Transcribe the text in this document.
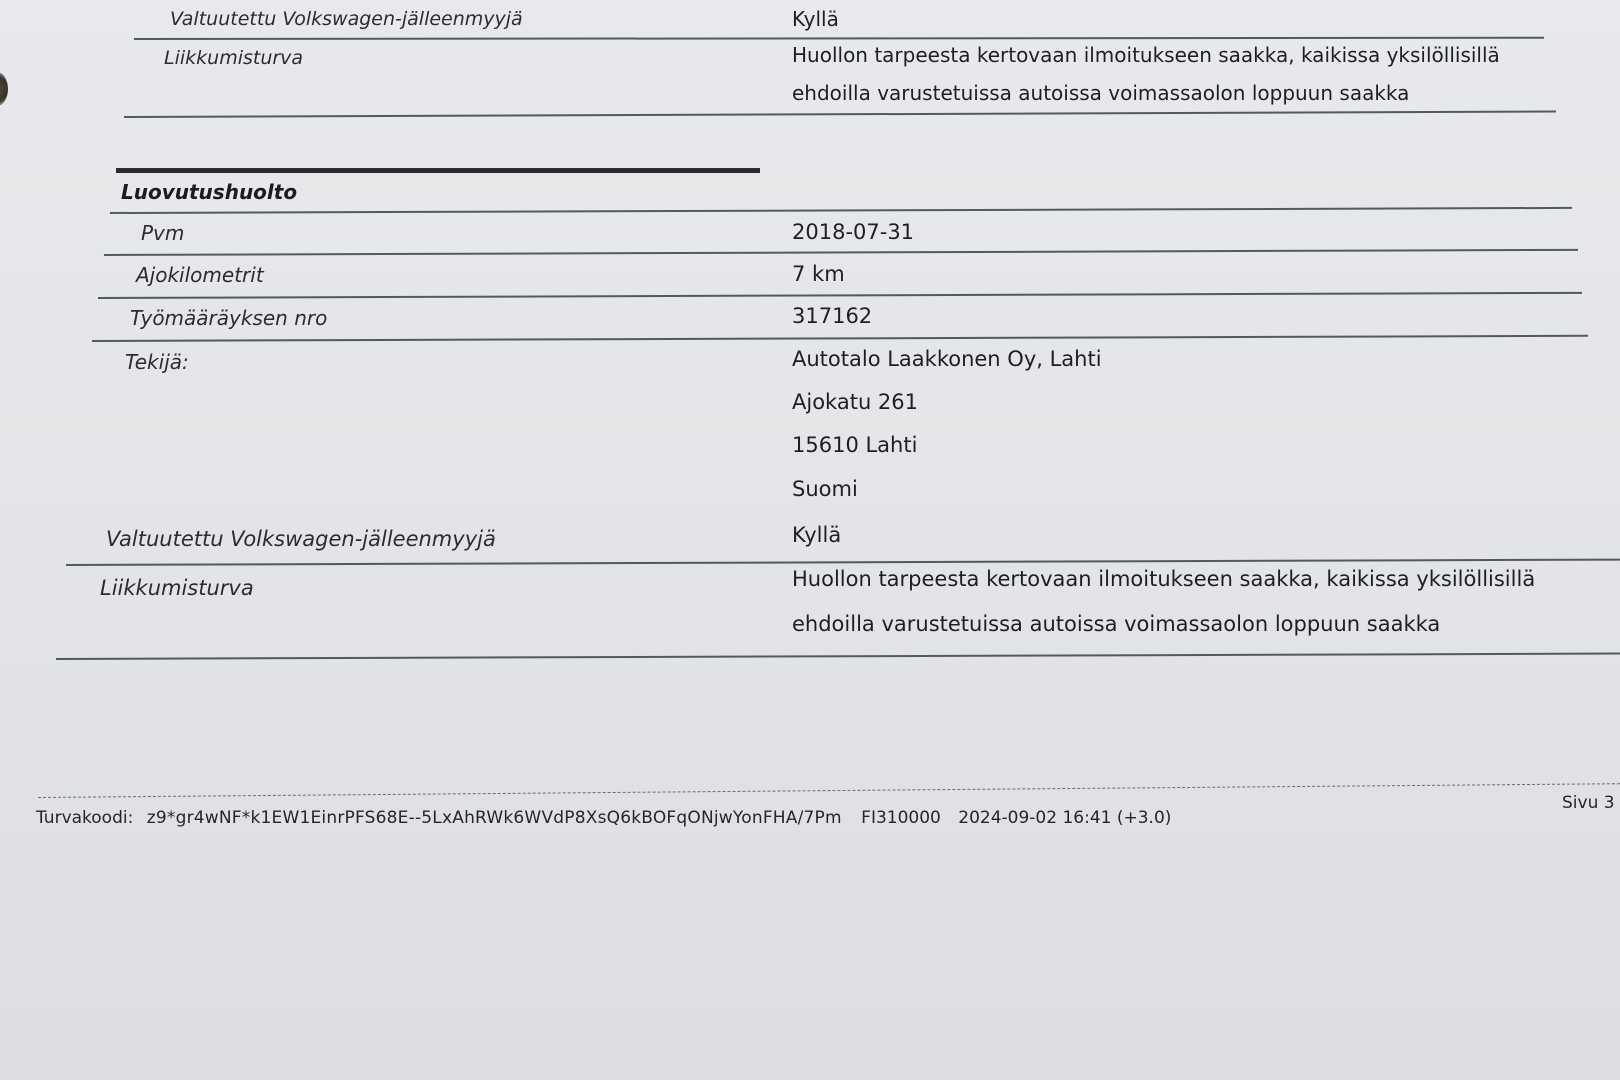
Valtuutettu Volkswagen-jälleenmyyjä	Kyllä
Liikkumisturva	Huollon tarpeesta kertovaan ilmoitukseen saakka, kaikissa yksilöllisillä
ehdoilla varustetuissa autoissa voimassaolon loppuun saakka
Luovutushuolto
Pvm	2018-07-31
Ajokilometrit	7 km
Työmääräyksen nro	317162
Tekijä:	Autotalo Laakkonen Oy, Lahti
Ajokatu 261
15610 Lahti
Suomi
Valtuutettu Volkswagen-jälleenmyyjä	Kyllä
Liikkumisturva	Huollon tarpeesta kertovaan ilmoitukseen saakka, kaikissa yksilöllisillä
ehdoilla varustetuissa autoissa voimassaolon loppuun saakka
Turvakoodi: z9*gr4wNF*k1EW1EinrPFS68E--5LxAhRWk6WVdP8XsQ6kBOFqONjwYonFHA/7Pm FI310000 2024-09-02 16:41 (+3.0)
Sivu 3
